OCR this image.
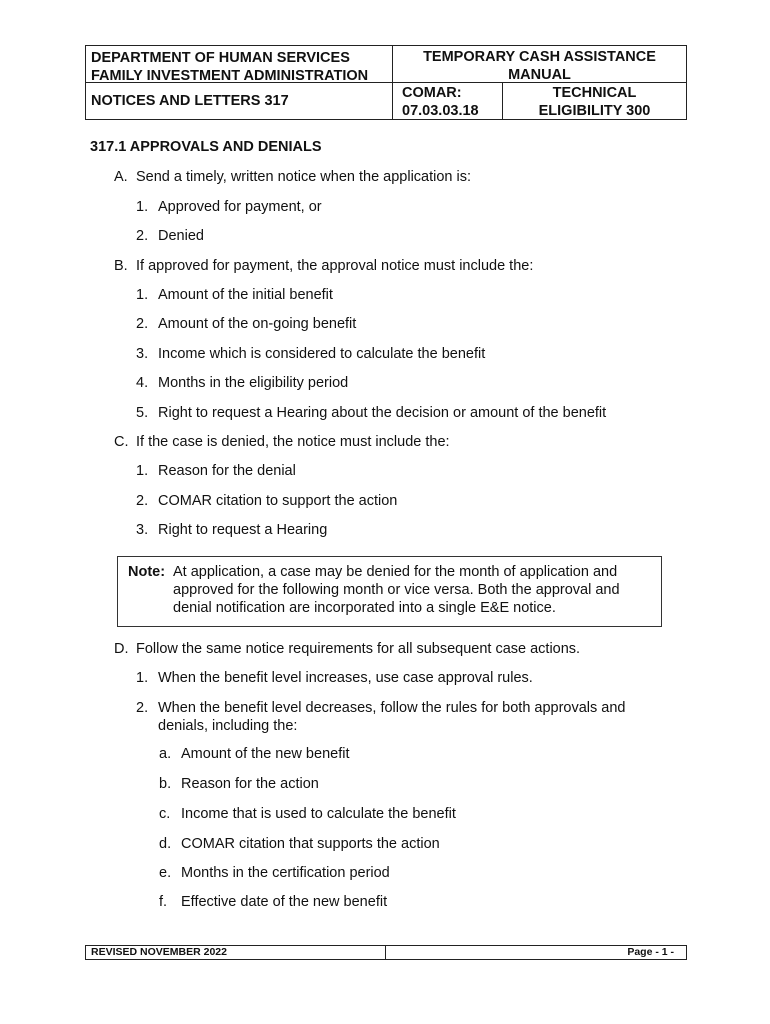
DEPARTMENT OF HUMAN SERVICES
FAMILY INVESTMENT ADMINISTRATION
TEMPORARY CASH ASSISTANCE
MANUAL
NOTICES AND LETTERS 317	COMAR:
07.03.03.18
TECHNICAL
ELIGIBILITY 300
317.1 APPROVALS AND DENIALS
A. Send a timely, written notice when the application is:
1. Approved for payment, or
2. Denied
B. If approved for payment, the approval notice must include the:
1. Amount of the initial benefit
2. Amount of the on-going benefit
3. Income which is considered to calculate the benefit
4. Months in the eligibility period
5. Right to request a Hearing about the decision or amount of the benefit
C. If the case is denied, the notice must include the:
1. Reason for the denial
2. COMAR citation to support the action
3. Right to request a Hearing
Note: At application, a case may be denied for the month of application and
approved for the following month or vice versa. Both the approval and
denial notification are incorporated into a single E&E notice.
D. Follow the same notice requirements for all subsequent case actions.
1. When the benefit level increases, use case approval rules.
2. When the benefit level decreases, follow the rules for both approvals and
denials, including the:
a. Amount of the new benefit
b. Reason for the action
c. Income that is used to calculate the benefit
d. COMAR citation that supports the action
e. Months in the certification period
f. Effective date of the new benefit
REVISED NOVEMBER 2022	Page - 1 -
